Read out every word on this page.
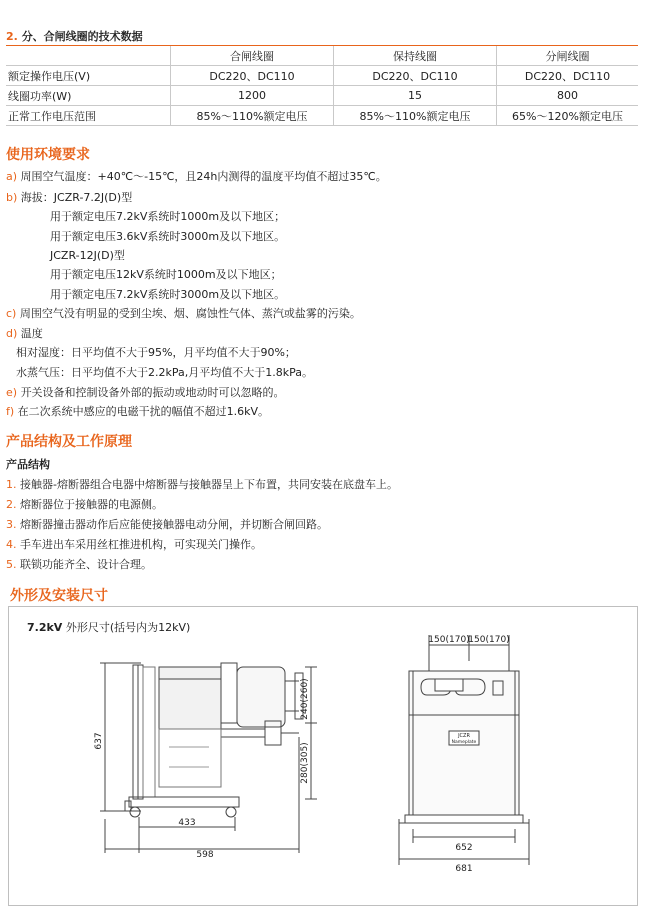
2. 分、合闸线圈的技术数据
	合闸线圈	保持线圈	分闸线圈
额定操作电压(V)	DC220、DC110	DC220、DC110	DC220、DC110
线圈功率(W)	1200	15	800
正常工作电压范围	85%～110%额定电压	85%～110%额定电压	65%～120%额定电压
使用环境要求
a) 周围空气温度：+40℃～-15℃，且24h内测得的温度平均值不超过35℃。
b) 海拔：JCZR-7.2J(D)型
用于额定电压7.2kV系统时1000m及以下地区；
用于额定电压3.6kV系统时3000m及以下地区。
JCZR-12J(D)型
用于额定电压12kV系统时1000m及以下地区；
用于额定电压7.2kV系统时3000m及以下地区。
c) 周围空气没有明显的受到尘埃、烟、腐蚀性气体、蒸汽或盐雾的污染。
d) 温度
相对湿度：日平均值不大于95%，月平均值不大于90%；
水蒸气压：日平均值不大于2.2kPa,月平均值不大于1.8kPa。
e) 开关设备和控制设备外部的振动或地动时可以忽略的。
f) 在二次系统中感应的电磁干扰的幅值不超过1.6kV。
产品结构及工作原理
产品结构
1. 接触器-熔断器组合电器中熔断器与接触器呈上下布置，共同安装在底盘车上。
2. 熔断器位于接触器的电源侧。
3. 熔断器撞击器动作后应能使接触器电动分闸，并切断合闸回路。
4. 手车进出车采用丝杠推进机构，可实现关门操作。
5. 联锁功能齐全、设计合理。
外形及安装尺寸
7.2kV 外形尺寸(括号内为12kV)
637
240(260)
280(305)
433
598
150(170)
150(170)
JCZR
Nameplate
652
681
